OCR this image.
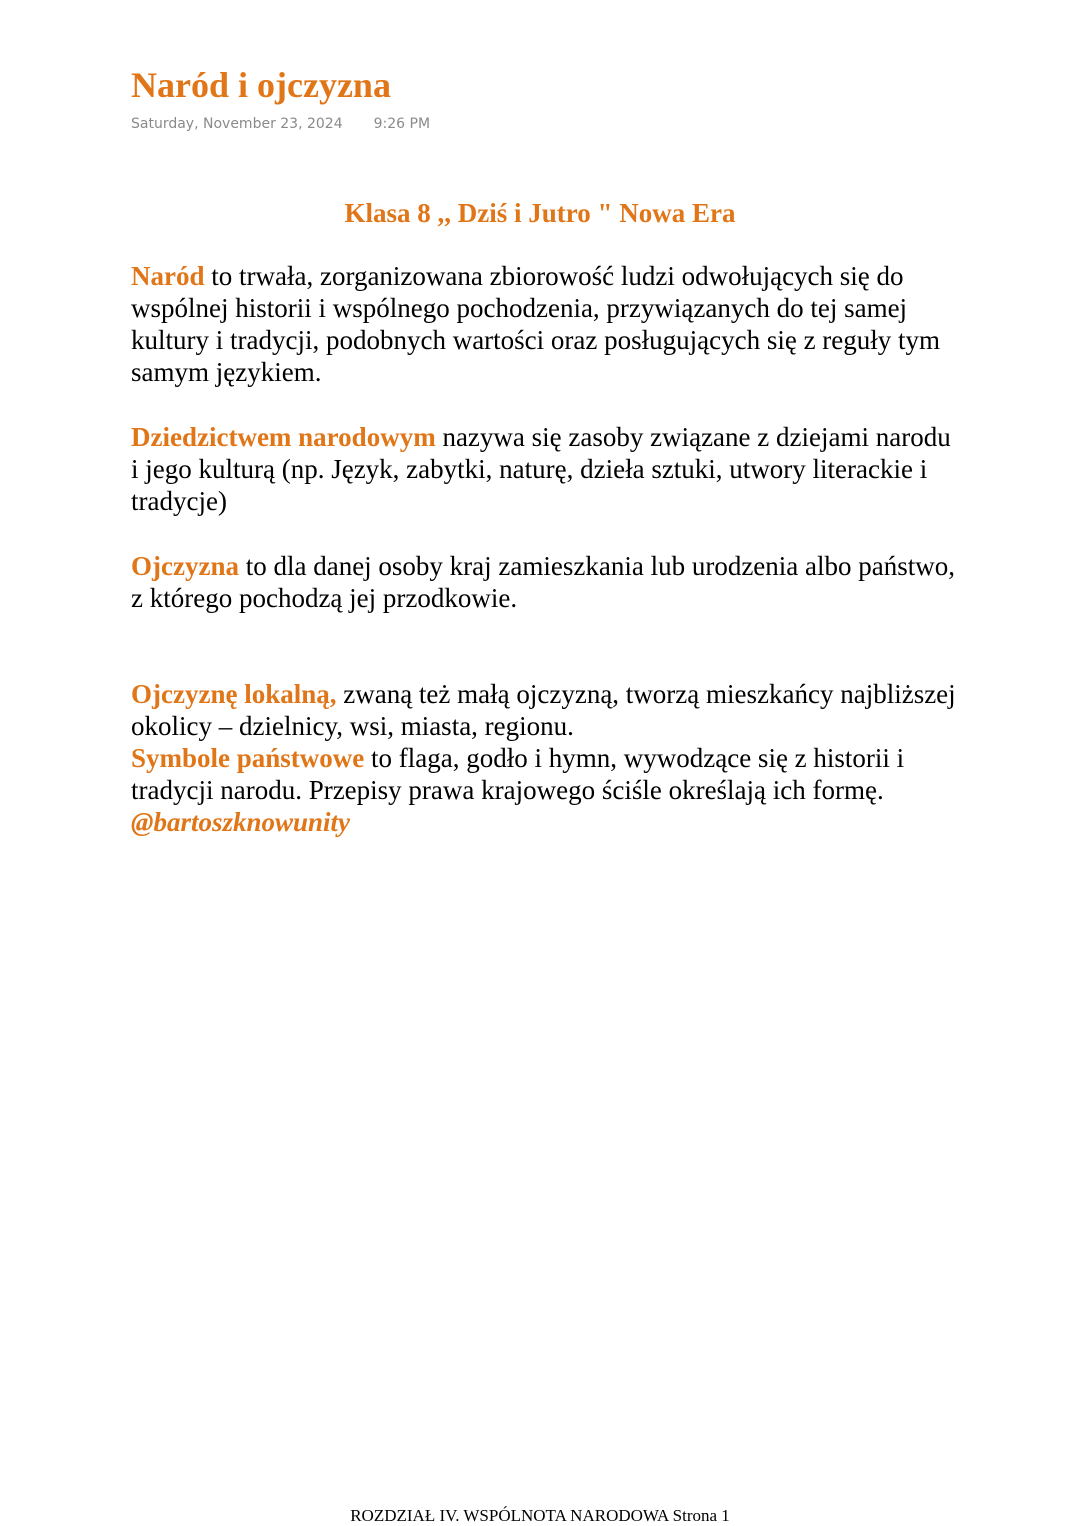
Naród i ojczyzna
Saturday, November 23, 2024 9:26 PM
Klasa 8 ,, Dziś i Jutro " Nowa Era

Naród to trwała, zorganizowana zbiorowość ludzi odwołujących się do wspólnej historii i wspólnego pochodzenia, przywiązanych do tej samej kultury i tradycji, podobnych wartości oraz posługujących się z reguły tym samym językiem.

Dziedzictwem narodowym nazywa się zasoby związane z dziejami narodu i jego kulturą (np. Język, zabytki, naturę, dzieła sztuki, utwory literackie i tradycje)

Ojczyzna to dla danej osoby kraj zamieszkania lub urodzenia albo państwo, z którego pochodzą jej przodkowie.

Ojczyznę lokalną, zwaną też małą ojczyzną, tworzą mieszkańcy najbliższej okolicy – dzielnicy, wsi, miasta, regionu.
Symbole państwowe to flaga, godło i hymn, wywodzące się z historii i tradycji narodu. Przepisy prawa krajowego ściśle określają ich formę.
@bartoszknowunity
ROZDZIAŁ IV. WSPÓLNOTA NARODOWA Strona 1
